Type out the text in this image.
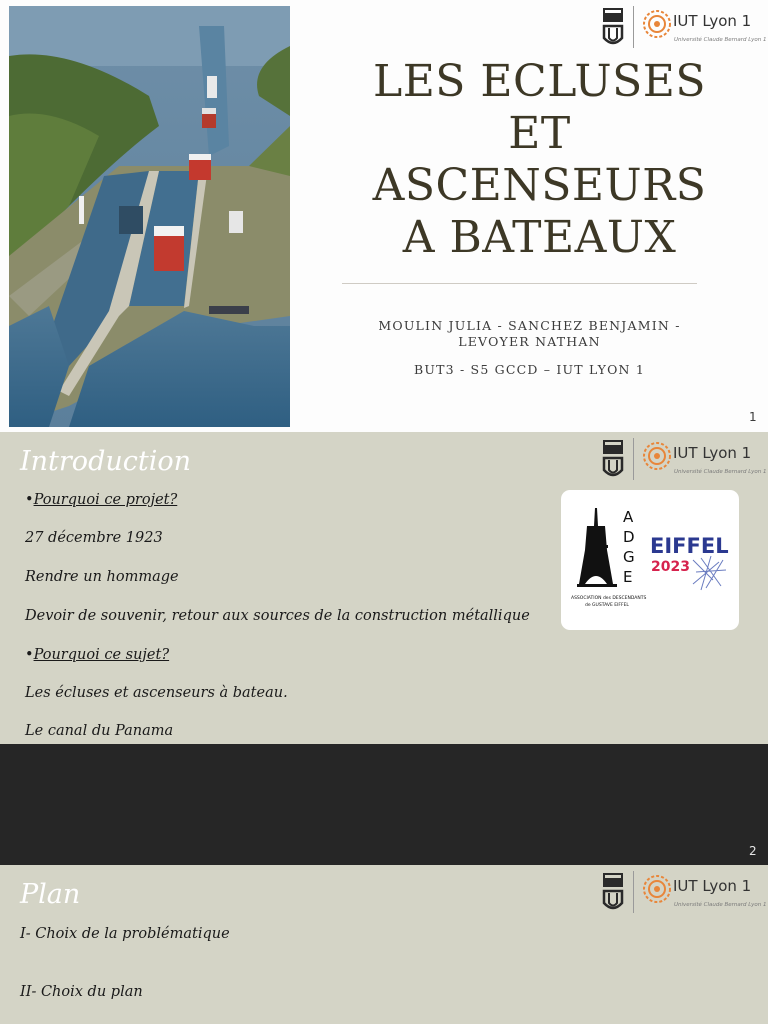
LES ECLUSES
ET
ASCENSEURS
A BATEAUX
MOULIN JULIA - SANCHEZ BENJAMIN - LEVOYER NATHAN
BUT3 - S5 GCCD – IUT LYON 1
IUT Lyon 1
Université Claude Bernard Lyon 1
1
Introduction	IUT Lyon 1
Université Claude Bernard Lyon 1
•Pourquoi ce projet?
27 décembre 1923
Rendre un hommage
Devoir de souvenir, retour aux sources de la construction métallique
•Pourquoi ce sujet?
Les écluses et ascenseurs à bateau.
Le canal du Panama
A
D
G
E
ASSOCIATION des DESCENDANTS
de GUSTAVE EIFFEL
EIFFEL
2023
2
Plan	IUT Lyon 1
Université Claude Bernard Lyon 1
I- Choix de la problématique
II- Choix du plan
